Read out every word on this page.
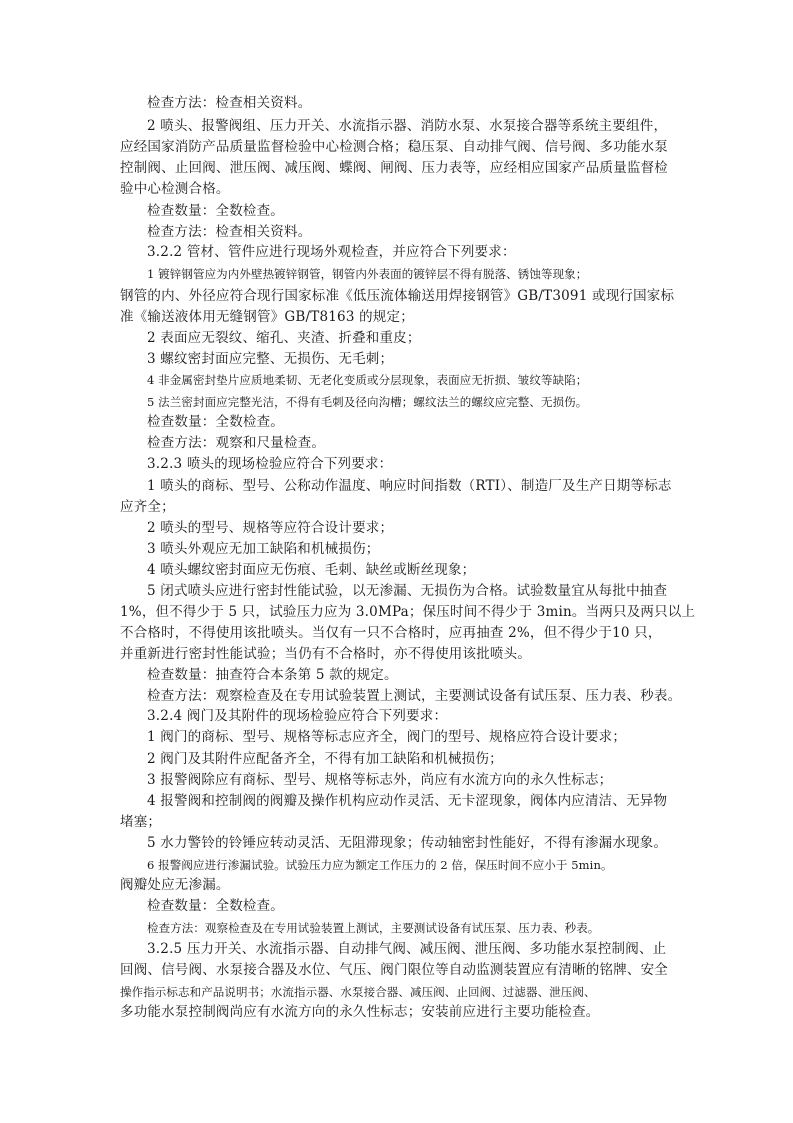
检查方法：检查相关资料。
2 喷头、报警阀组、压力开关、水流指示器、消防水泵、水泵接合器等系统主要组件，
应经国家消防产品质量监督检验中心检测合格；稳压泵、自动排气阀、信号阀、多功能水泵
控制阀、止回阀、泄压阀、减压阀、蝶阀、闸阀、压力表等，应经相应国家产品质量监督检
验中心检测合格。
检查数量：全数检查。
检查方法：检查相关资料。
3.2.2 管材、管件应进行现场外观检查，并应符合下列要求：
1 镀锌钢管应为内外壁热镀锌钢管，钢管内外表面的镀锌层不得有脱落、锈蚀等现象；
钢管的内、外径应符合现行国家标准《低压流体输送用焊接钢管》GB/T3091 或现行国家标
准《输送液体用无缝钢管》GB/T8163 的规定；
2 表面应无裂纹、缩孔、夹渣、折叠和重皮；
3 螺纹密封面应完整、无损伤、无毛刺；
4 非金属密封垫片应质地柔韧、无老化变质或分层现象，表面应无折损、皱纹等缺陷；
5 法兰密封面应完整光洁，不得有毛刺及径向沟槽；螺纹法兰的螺纹应完整、无损伤。
检查数量：全数检查。
检查方法：观察和尺量检查。
3.2.3 喷头的现场检验应符合下列要求：
1 喷头的商标、型号、公称动作温度、响应时间指数（RTI）、制造厂及生产日期等标志
应齐全；
2 喷头的型号、规格等应符合设计要求；
3 喷头外观应无加工缺陷和机械损伤；
4 喷头螺纹密封面应无伤痕、毛刺、缺丝或断丝现象；
5 闭式喷头应进行密封性能试验，以无渗漏、无损伤为合格。试验数量宜从每批中抽查
1%，但不得少于 5 只，试验压力应为 3.0MPa；保压时间不得少于 3min。当两只及两只以上
不合格时，不得使用该批喷头。当仅有一只不合格时，应再抽查 2%，但不得少于10 只，
并重新进行密封性能试验；当仍有不合格时，亦不得使用该批喷头。
检查数量：抽查符合本条第 5 款的规定。
检查方法：观察检查及在专用试验装置上测试，主要测试设备有试压泵、压力表、秒表。
3.2.4 阀门及其附件的现场检验应符合下列要求：
1 阀门的商标、型号、规格等标志应齐全，阀门的型号、规格应符合设计要求；
2 阀门及其附件应配备齐全，不得有加工缺陷和机械损伤；
3 报警阀除应有商标、型号、规格等标志外，尚应有水流方向的永久性标志；
4 报警阀和控制阀的阀瓣及操作机构应动作灵活、无卡涩现象，阀体内应清洁、无异物
堵塞；
5 水力警铃的铃锤应转动灵活、无阻滞现象；传动轴密封性能好，不得有渗漏水现象。
6 报警阀应进行渗漏试验。试验压力应为额定工作压力的 2 倍，保压时间不应小于 5min。
阀瓣处应无渗漏。
检查数量：全数检查。
检查方法：观察检查及在专用试验装置上测试，主要测试设备有试压泵、压力表、秒表。
3.2.5 压力开关、水流指示器、自动排气阀、减压阀、泄压阀、多功能水泵控制阀、止
回阀、信号阀、水泵接合器及水位、气压、阀门限位等自动监测装置应有清晰的铭牌、安全
操作指示标志和产品说明书；水流指示器、水泵接合器、减压阀、止回阀、过滤器、泄压阀、
多功能水泵控制阀尚应有水流方向的永久性标志；安装前应进行主要功能检查。
